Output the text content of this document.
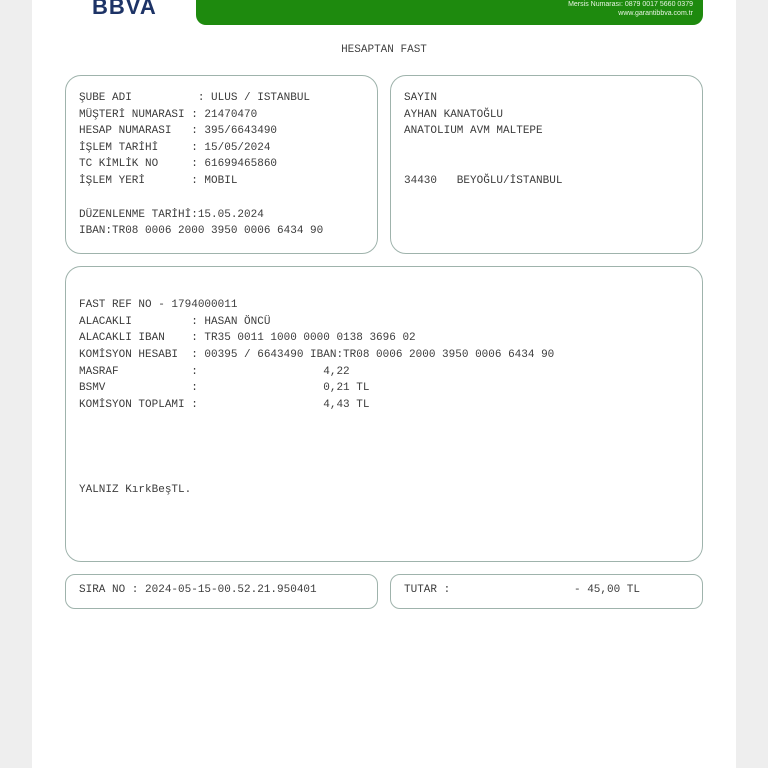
BBVA	Mersis Numarası: 0879 0017 5660 0379
www.garantibbva.com.tr
HESAPTAN FAST
ŞUBE ADI          : ULUS / ISTANBUL
MÜŞTERİ NUMARASI : 21470470
HESAP NUMARASI   : 395/6643490
İŞLEM TARİHİ     : 15/05/2024
TC KİMLİK NO     : 61699465860
İŞLEM YERİ       : MOBIL
DÜZENLENME TARİHİ:15.05.2024
IBAN:TR08 0006 2000 3950 0006 6434 90
SAYIN
AYHAN KANATOĞLU
ANATOLIUM AVM MALTEPE
34430   BEYOĞLU/İSTANBUL
FAST REF NO - 1794000011
ALACAKLI         : HASAN ÖNCÜ
ALACAKLI IBAN    : TR35 0011 1000 0000 0138 3696 02
KOMİSYON HESABI  : 00395 / 6643490 IBAN:TR08 0006 2000 3950 0006 6434 90
MASRAF           :                   4,22
BSMV             :                   0,21 TL
KOMİSYON TOPLAMI :                   4,43 TL
YALNIZ KırkBeşTL.
SIRA NO : 2024-05-15-00.52.21.950401	TUTAR :	- 45,00 TL
